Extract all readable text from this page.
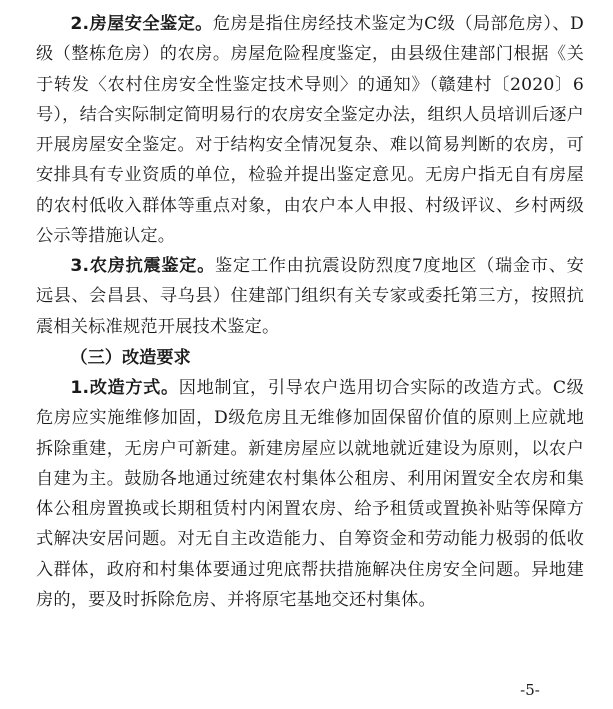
2.房屋安全鉴定。危房是指住房经技术鉴定为C级（局部危房）、D级（整栋危房）的农房。房屋危险程度鉴定，由县级住建部门根据《关于转发〈农村住房安全性鉴定技术导则〉的通知》（赣建村〔2020〕6号），结合实际制定简明易行的农房安全鉴定办法，组织人员培训后逐户开展房屋安全鉴定。对于结构安全情况复杂、难以简易判断的农房，可安排具有专业资质的单位，检验并提出鉴定意见。无房户指无自有房屋的农村低收入群体等重点对象，由农户本人申报、村级评议、乡村两级公示等措施认定。

3.农房抗震鉴定。鉴定工作由抗震设防烈度7度地区（瑞金市、安远县、会昌县、寻乌县）住建部门组织有关专家或委托第三方，按照抗震相关标准规范开展技术鉴定。

（三）改造要求

1.改造方式。因地制宜，引导农户选用切合实际的改造方式。C级危房应实施维修加固，D级危房且无维修加固保留价值的原则上应就地拆除重建，无房户可新建。新建房屋应以就地就近建设为原则，以农户自建为主。鼓励各地通过统建农村集体公租房、利用闲置安全农房和集体公租房置换或长期租赁村内闲置农房、给予租赁或置换补贴等保障方式解决安居问题。对无自主改造能力、自筹资金和劳动能力极弱的低收入群体，政府和村集体要通过兜底帮扶措施解决住房安全问题。异地建房的，要及时拆除危房、并将原宅基地交还村集体。

-5-
